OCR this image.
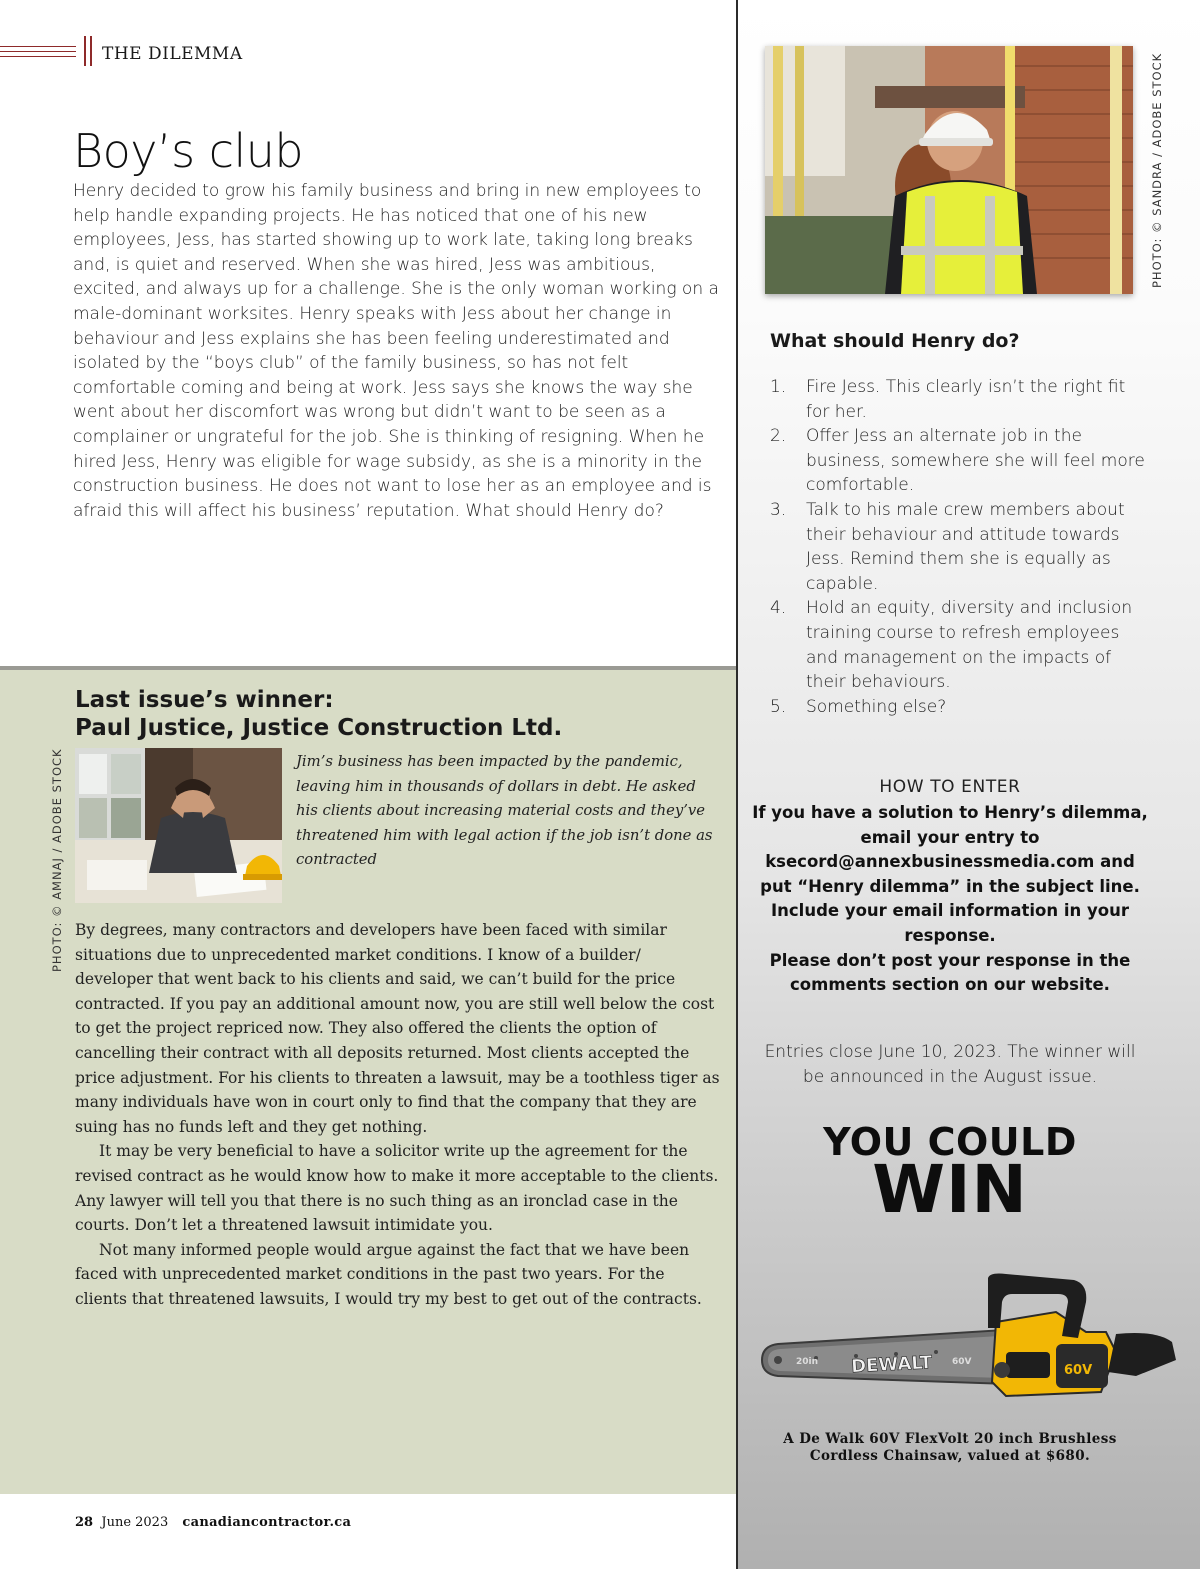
THE DILEMMA
Boy’s club

Henry decided to grow his family business and bring in new employees to help handle expanding projects. He has noticed that one of his new employees, Jess, has started showing up to work late, taking long breaks and, is quiet and reserved. When she was hired, Jess was ambitious, excited, and always up for a challenge. She is the only woman working on a male-dominant worksites. Henry speaks with Jess about her change in behaviour and Jess explains she has been feeling underestimated and isolated by the “boys club” of the family business, so has not felt comfortable coming and being at work. Jess says she knows the way she went about her discomfort was wrong but didn’t want to be seen as a complainer or ungrateful for the job. She is thinking of resigning. When he hired Jess, Henry was eligible for wage subsidy, as she is a minority in the construction business. He does not want to lose her as an employee and is afraid this will affect his business’ reputation. What should Henry do?

Last issue’s winner:
Paul Justice, Justice Construction Ltd.
PHOTO: © AMNAJ / ADOBE STOCK	Jim’s business has been impacted by the pandemic, leaving him in thousands of dollars in debt. He asked his clients about increasing material costs and they’ve threatened him with legal action if the job isn’t done as contracted

By degrees, many contractors and developers have been faced with similar situations due to unprecedented market conditions. I know of a builder/ developer that went back to his clients and said, we can’t build for the price contracted. If you pay an additional amount now, you are still well below the cost to get the project repriced now. They also offered the clients the option of cancelling their contract with all deposits returned. Most clients accepted the price adjustment. For his clients to threaten a lawsuit, may be a toothless tiger as many individuals have won in court only to find that the company that they are suing has no funds left and they get nothing.

It may be very beneficial to have a solicitor write up the agreement for the revised contract as he would know how to make it more acceptable to the clients. Any lawyer will tell you that there is no such thing as an ironclad case in the courts. Don’t let a threatened lawsuit intimidate you.

Not many informed people would argue against the fact that we have been faced with unprecedented market conditions in the past two years. For the clients that threatened lawsuits, I would try my best to get out of the contracts.

28 June 2023 canadiancontractor.ca
PHOTO: © SANDRA / ADOBE STOCK
What should Henry do?
1.	Fire Jess. This clearly isn’t the right fit for her.
2.	Offer Jess an alternate job in the business, somewhere she will feel more comfortable.
3.	Talk to his male crew members about their behaviour and attitude towards Jess. Remind them she is equally as capable.
4.	Hold an equity, diversity and inclusion training course to refresh employees and management on the impacts of their behaviours.
5.	Something else?
HOW TO ENTER

If you have a solution to Henry’s dilemma, email your entry to ksecord@annexbusinessmedia.com and put “Henry dilemma” in the subject line. Include your email information in your response.

Please don’t post your response in the comments section on our website.

Entries close June 10, 2023. The winner will be announced in the August issue.
YOU COULD
WIN
20in DEWALT 60V
60V
A De Walk 60V FlexVolt 20 inch Brushless Cordless Chainsaw, valued at $680.
